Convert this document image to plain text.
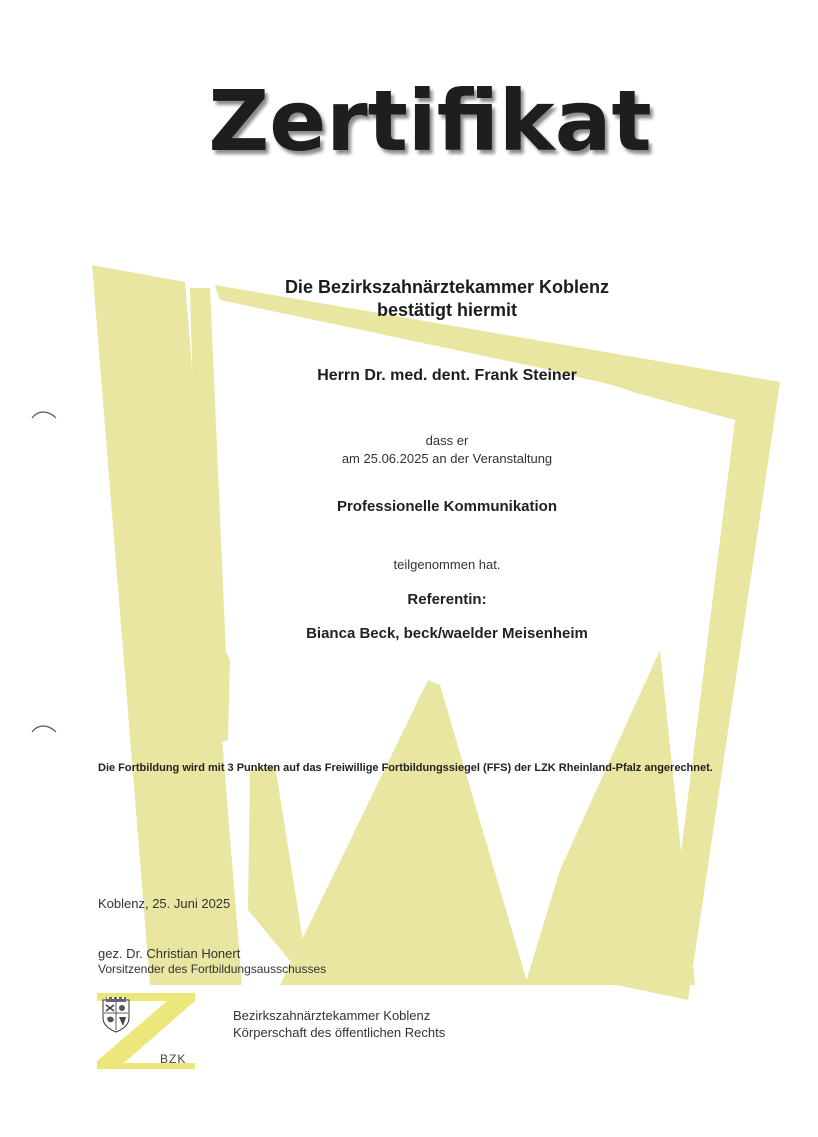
Zertifikat
Die Bezirkszahnärztekammer Koblenz
bestätigt hiermit
Herrn Dr. med. dent. Frank Steiner
dass er
am 25.06.2025 an der Veranstaltung
Professionelle Kommunikation
teilgenommen hat.
Referentin:
Bianca Beck, beck/waelder Meisenheim
Die Fortbildung wird mit 3 Punkten auf das Freiwillige Fortbildungssiegel (FFS) der LZK Rheinland-Pfalz angerechnet.
Koblenz, 25. Juni 2025
gez. Dr. Christian Honert
Vorsitzender des Fortbildungsausschusses
BZK
Bezirkszahnärztekammer Koblenz
Körperschaft des öffentlichen Rechts
